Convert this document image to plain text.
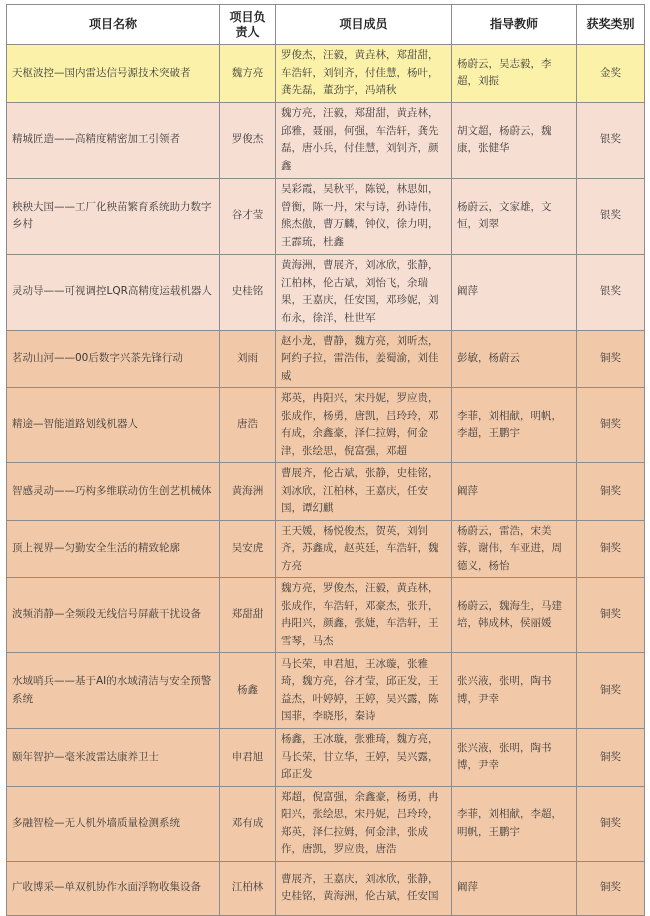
项目名称	项目负责人	项目成员	指导教师	获奖类别
天枢波控—国内雷达信号源技术突破者	魏方亮	罗俊杰，汪毅，黄垚林，郑甜甜，车浩轩，刘钊齐，付佳慧，杨叶，龚先磊，董劲宇，冯靖秋	杨蔚云，吴志毅，李超，刘振	金奖
精城匠造——高精度精密加工引领者	罗俊杰	魏方亮，汪毅，郑甜甜，黄垚林，邱雅，聂丽，何强，车浩轩，龚先磊，唐小兵，付佳慧，刘钊齐，颜鑫	胡文超，杨蔚云，魏康，张健华	银奖
秧秧大国——工厂化秧苗繁育系统助力数字乡村	谷才莹	吴彩霞，吴秋平，陈锐，林思如，曾衡，陈一丹，宋与诗，孙诗伟，熊杰傲，曹万麟，钟仪，徐力明，王霹琉，杜鑫	杨蔚云，文家雄，文恒，刘翠	银奖
灵动导——可视调控LQR高精度运载机器人	史桂铭	黄海洲，曹展齐，刘冰欣，张静，江柏林，伦古斌，刘怡飞，余瑞果，王嘉庆，任安国，邓珍妮，刘布永，徐洋，杜世军	阚萍	银奖
茗动山河——00后数字兴茶先锋行动	刘雨	赵小龙，曹静，魏方亮，刘昕杰，阿约子拉，雷浩伟，姜蜀渝，刘佳威	彭敏，杨蔚云	铜奖
精途—智能道路划线机器人	唐浩	郑英，冉阳兴，宋丹妮，罗应贵，张成作，杨勇，唐凯，吕玲玲，邓有成，余鑫豪，泽仁拉姆，何金津，张绘思，倪富强，邓超	李菲，刘相献，明帆，李超，王鹏宇	铜奖
智感灵动——巧构多维联动仿生创艺机械体	黄海洲	曹展齐，伦古斌，张静，史桂铭，刘冰欣，江柏林，王嘉庆，任安国，谭幻麒	阚萍	铜奖
顶上视界—匀勤安全生活的精致轮廓	吴安虎	王天媛，杨悦俊杰，贺英，刘钊齐，苏鑫成，赵英廷，车浩轩，魏方亮	杨蔚云，雷浩，宋美蓉，谢伟，车亚进，周德义，杨怡	铜奖
波频消静—全频段无线信号屏蔽干扰设备	郑甜甜	魏方亮，罗俊杰，汪毅，黄垚林，张成作，车浩轩，邓豪杰，张升，冉阳兴，颜鑫，张婕，车浩轩，王雪琴，马杰	杨蔚云，魏海生，马建培，韩成林，侯丽媛	铜奖
水域哨兵——基于AI的水域清洁与安全预警系统	杨鑫	马长荣，申君旭，王冰璇，张雅琦，魏方亮，谷才莹，邱正发，王益杰，叶婷婷，王婷，吴兴露，陈国菲，李晓彤，秦诗	张兴液，张明，陶书博，尹幸	铜奖
颐年智护—毫米波雷达康养卫士	申君旭	杨鑫，王冰璇，张雅琦，魏方亮，马长荣，甘立华，王婷，吴兴露，邱正发	张兴液，张明，陶书博，尹幸	铜奖
多融智检—无人机外墙质量检测系统	邓有成	郑超，倪富强，余鑫豪，杨勇，冉阳兴，张绘思，宋丹妮，吕玲玲，郑英，泽仁拉姆，何金津，张成作，唐凯，罗应贵，唐浩	李菲，刘相献，李超，明帆，王鹏宇	铜奖
广收博采—单双机协作水面浮物收集设备	江柏林	曹展齐，王嘉庆，刘冰欣，张静，史桂铭，黄海洲，伦古斌，任安国	阚萍	铜奖
